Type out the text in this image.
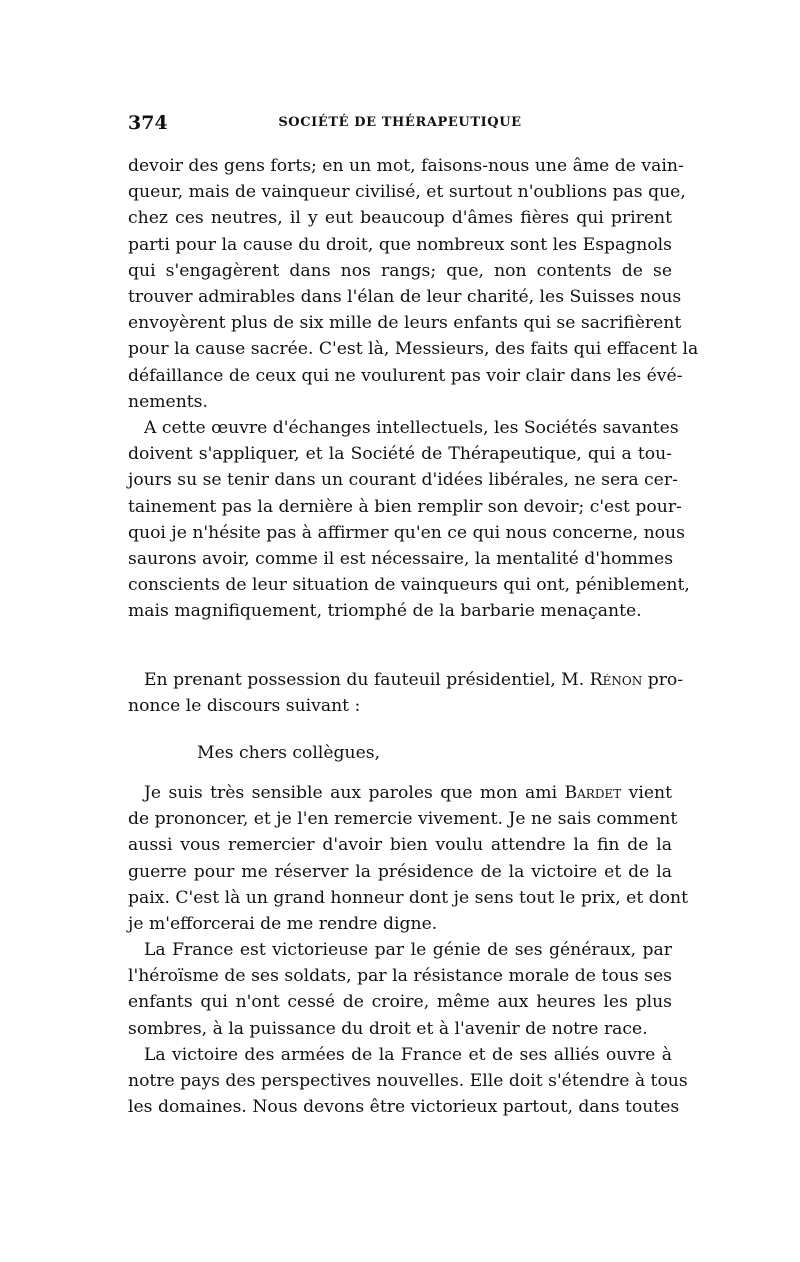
374	SOCIÉTÉ DE THÉRAPEUTIQUE
devoir des gens forts; en un mot, faisons-nous une âme de vain-
queur, mais de vainqueur civilisé, et surtout n'oublions pas que,
chez ces neutres, il y eut beaucoup d'âmes fières qui prirent
parti pour la cause du droit, que nombreux sont les Espagnols
qui s'engagèrent dans nos rangs; que, non contents de se
trouver admirables dans l'élan de leur charité, les Suisses nous
envoyèrent plus de six mille de leurs enfants qui se sacrifièrent
pour la cause sacrée. C'est là, Messieurs, des faits qui effacent la
défaillance de ceux qui ne voulurent pas voir clair dans les évé-
nements.
A cette œuvre d'échanges intellectuels, les Sociétés savantes
doivent s'appliquer, et la Société de Thérapeutique, qui a tou-
jours su se tenir dans un courant d'idées libérales, ne sera cer-
tainement pas la dernière à bien remplir son devoir; c'est pour-
quoi je n'hésite pas à affirmer qu'en ce qui nous concerne, nous
saurons avoir, comme il est nécessaire, la mentalité d'hommes
conscients de leur situation de vainqueurs qui ont, péniblement,
mais magnifiquement, triomphé de la barbarie menaçante.
En prenant possession du fauteuil présidentiel, M. Rénon pro-
nonce le discours suivant :
Mes chers collègues,
Je suis très sensible aux paroles que mon ami Bardet vient
de prononcer, et je l'en remercie vivement. Je ne sais comment
aussi vous remercier d'avoir bien voulu attendre la fin de la
guerre pour me réserver la présidence de la victoire et de la
paix. C'est là un grand honneur dont je sens tout le prix, et dont
je m'efforcerai de me rendre digne.
La France est victorieuse par le génie de ses généraux, par
l'héroïsme de ses soldats, par la résistance morale de tous ses
enfants qui n'ont cessé de croire, même aux heures les plus
sombres, à la puissance du droit et à l'avenir de notre race.
La victoire des armées de la France et de ses alliés ouvre à
notre pays des perspectives nouvelles. Elle doit s'étendre à tous
les domaines. Nous devons être victorieux partout, dans toutes
